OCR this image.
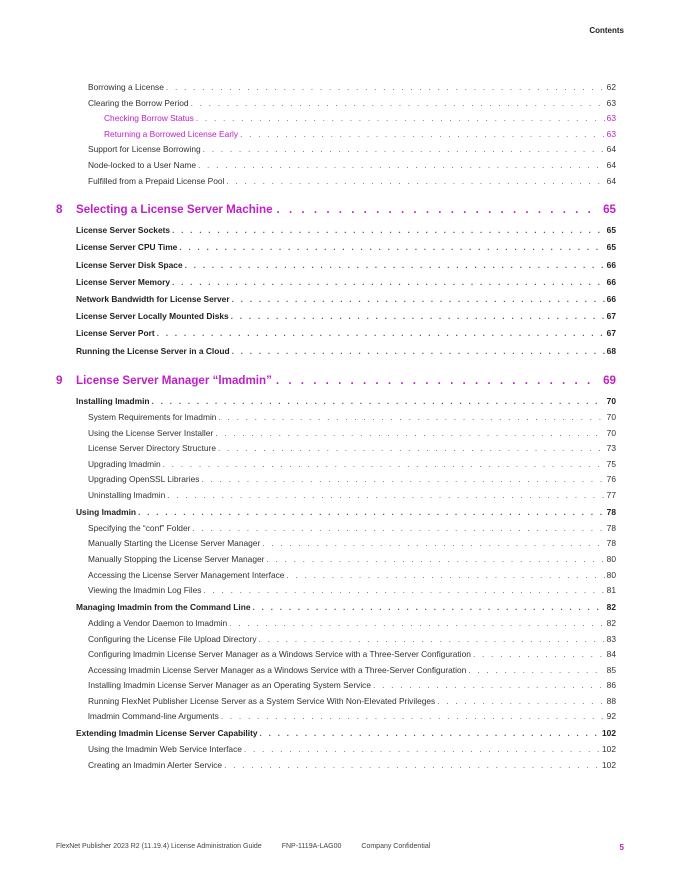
Contents
Borrowing a License . . .	62
Clearing the Borrow Period . . .	63
Checking Borrow Status . . .	63
Returning a Borrowed License Early . . .	63
Support for License Borrowing . . .	64
Node-locked to a User Name . . .	64
Fulfilled from a Prepaid License Pool . . .	64
8	Selecting a License Server Machine . . .	65
License Server Sockets . . .	65
License Server CPU Time . . .	65
License Server Disk Space . . .	66
License Server Memory . . .	66
Network Bandwidth for License Server . . .	66
License Server Locally Mounted Disks . . .	67
License Server Port . . .	67
Running the License Server in a Cloud . . .	68
9	License Server Manager “lmadmin” . . .	69
Installing lmadmin . . .	70
System Requirements for lmadmin . . .	70
Using the License Server Installer . . .	70
License Server Directory Structure . . .	73
Upgrading lmadmin . . .	75
Upgrading OpenSSL Libraries . . .	76
Uninstalling lmadmin . . .	77
Using lmadmin . . .	78
Specifying the “conf” Folder . . .	78
Manually Starting the License Server Manager . . .	78
Manually Stopping the License Server Manager . . .	80
Accessing the License Server Management Interface . . .	80
Viewing the lmadmin Log Files . . .	81
Managing lmadmin from the Command Line . . .	82
Adding a Vendor Daemon to lmadmin . . .	82
Configuring the License File Upload Directory . . .	83
Configuring lmadmin License Server Manager as a Windows Service with a Three-Server Configuration . . .	84
Accessing lmadmin License Server Manager as a Windows Service with a Three-Server Configuration . . .	85
Installing lmadmin License Server Manager as an Operating System Service . . .	86
Running FlexNet Publisher License Server as a System Service With Non-Elevated Privileges . . .	88
lmadmin Command-line Arguments . . .	92
Extending lmadmin License Server Capability . . .	102
Using the lmadmin Web Service Interface . . .	102
Creating an lmadmin Alerter Service . . .	102
FlexNet Publisher 2023 R2 (11.19.4) License Administration Guide	FNP-1119A-LAG00	Company Confidential	5
